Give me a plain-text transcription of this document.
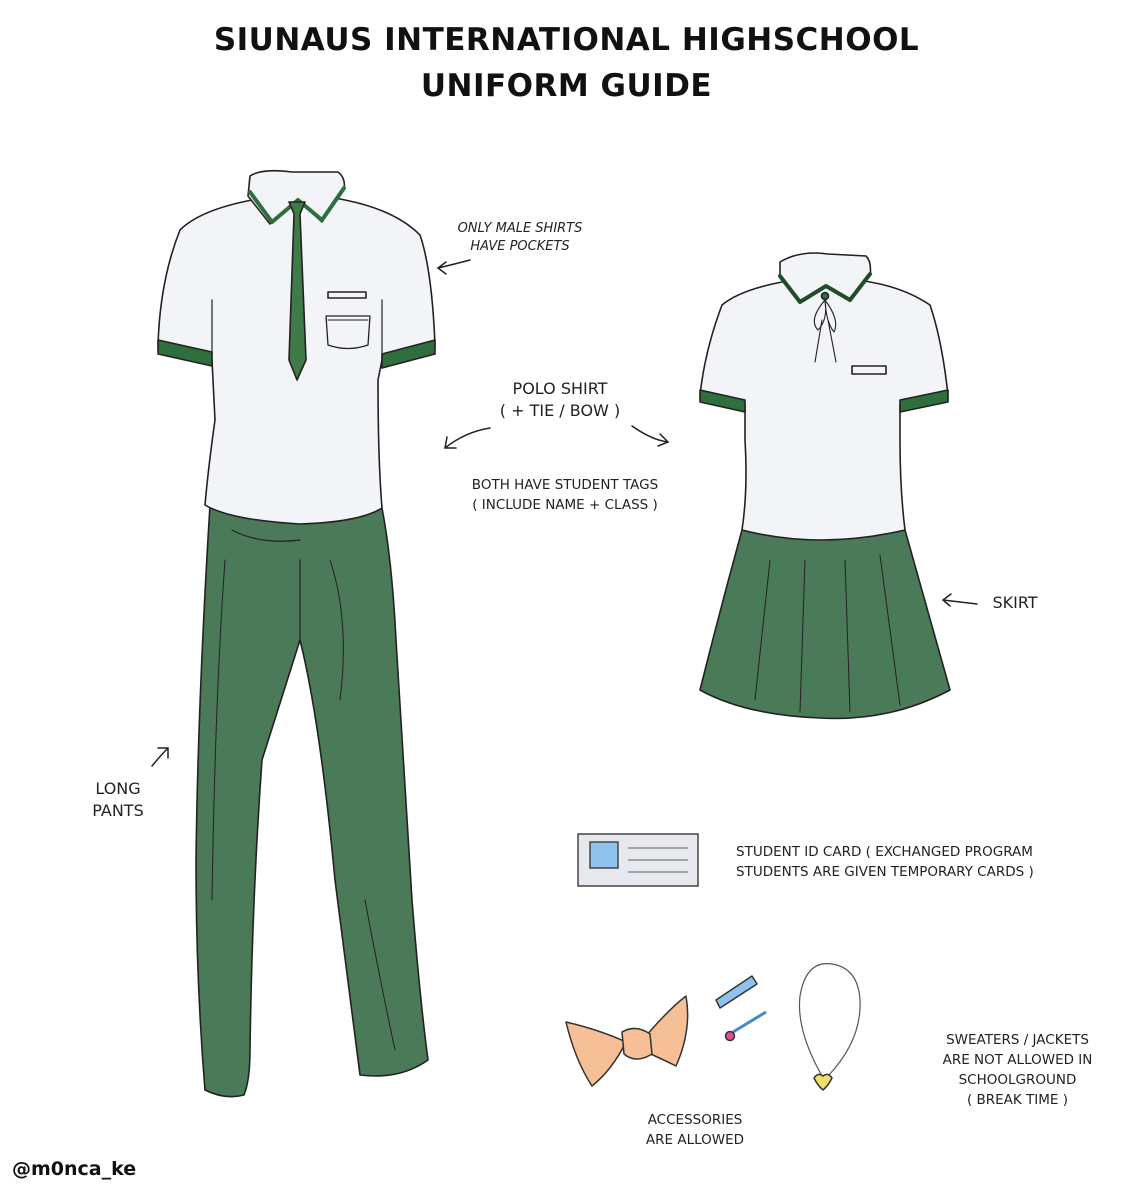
SIUNAUS INTERNATIONAL HIGHSCHOOL
UNIFORM GUIDE
ONLY MALE SHIRTS
HAVE POCKETS
POLO SHIRT
( + TIE / BOW )
BOTH HAVE STUDENT TAGS
( INCLUDE NAME + CLASS )
SKIRT
LONG
PANTS
STUDENT ID CARD ( EXCHANGED PROGRAM
STUDENTS ARE GIVEN TEMPORARY CARDS )
ACCESSORIES
ARE ALLOWED
SWEATERS / JACKETS
ARE NOT ALLOWED IN
SCHOOLGROUND
( BREAK TIME )
@m0nca_ke
